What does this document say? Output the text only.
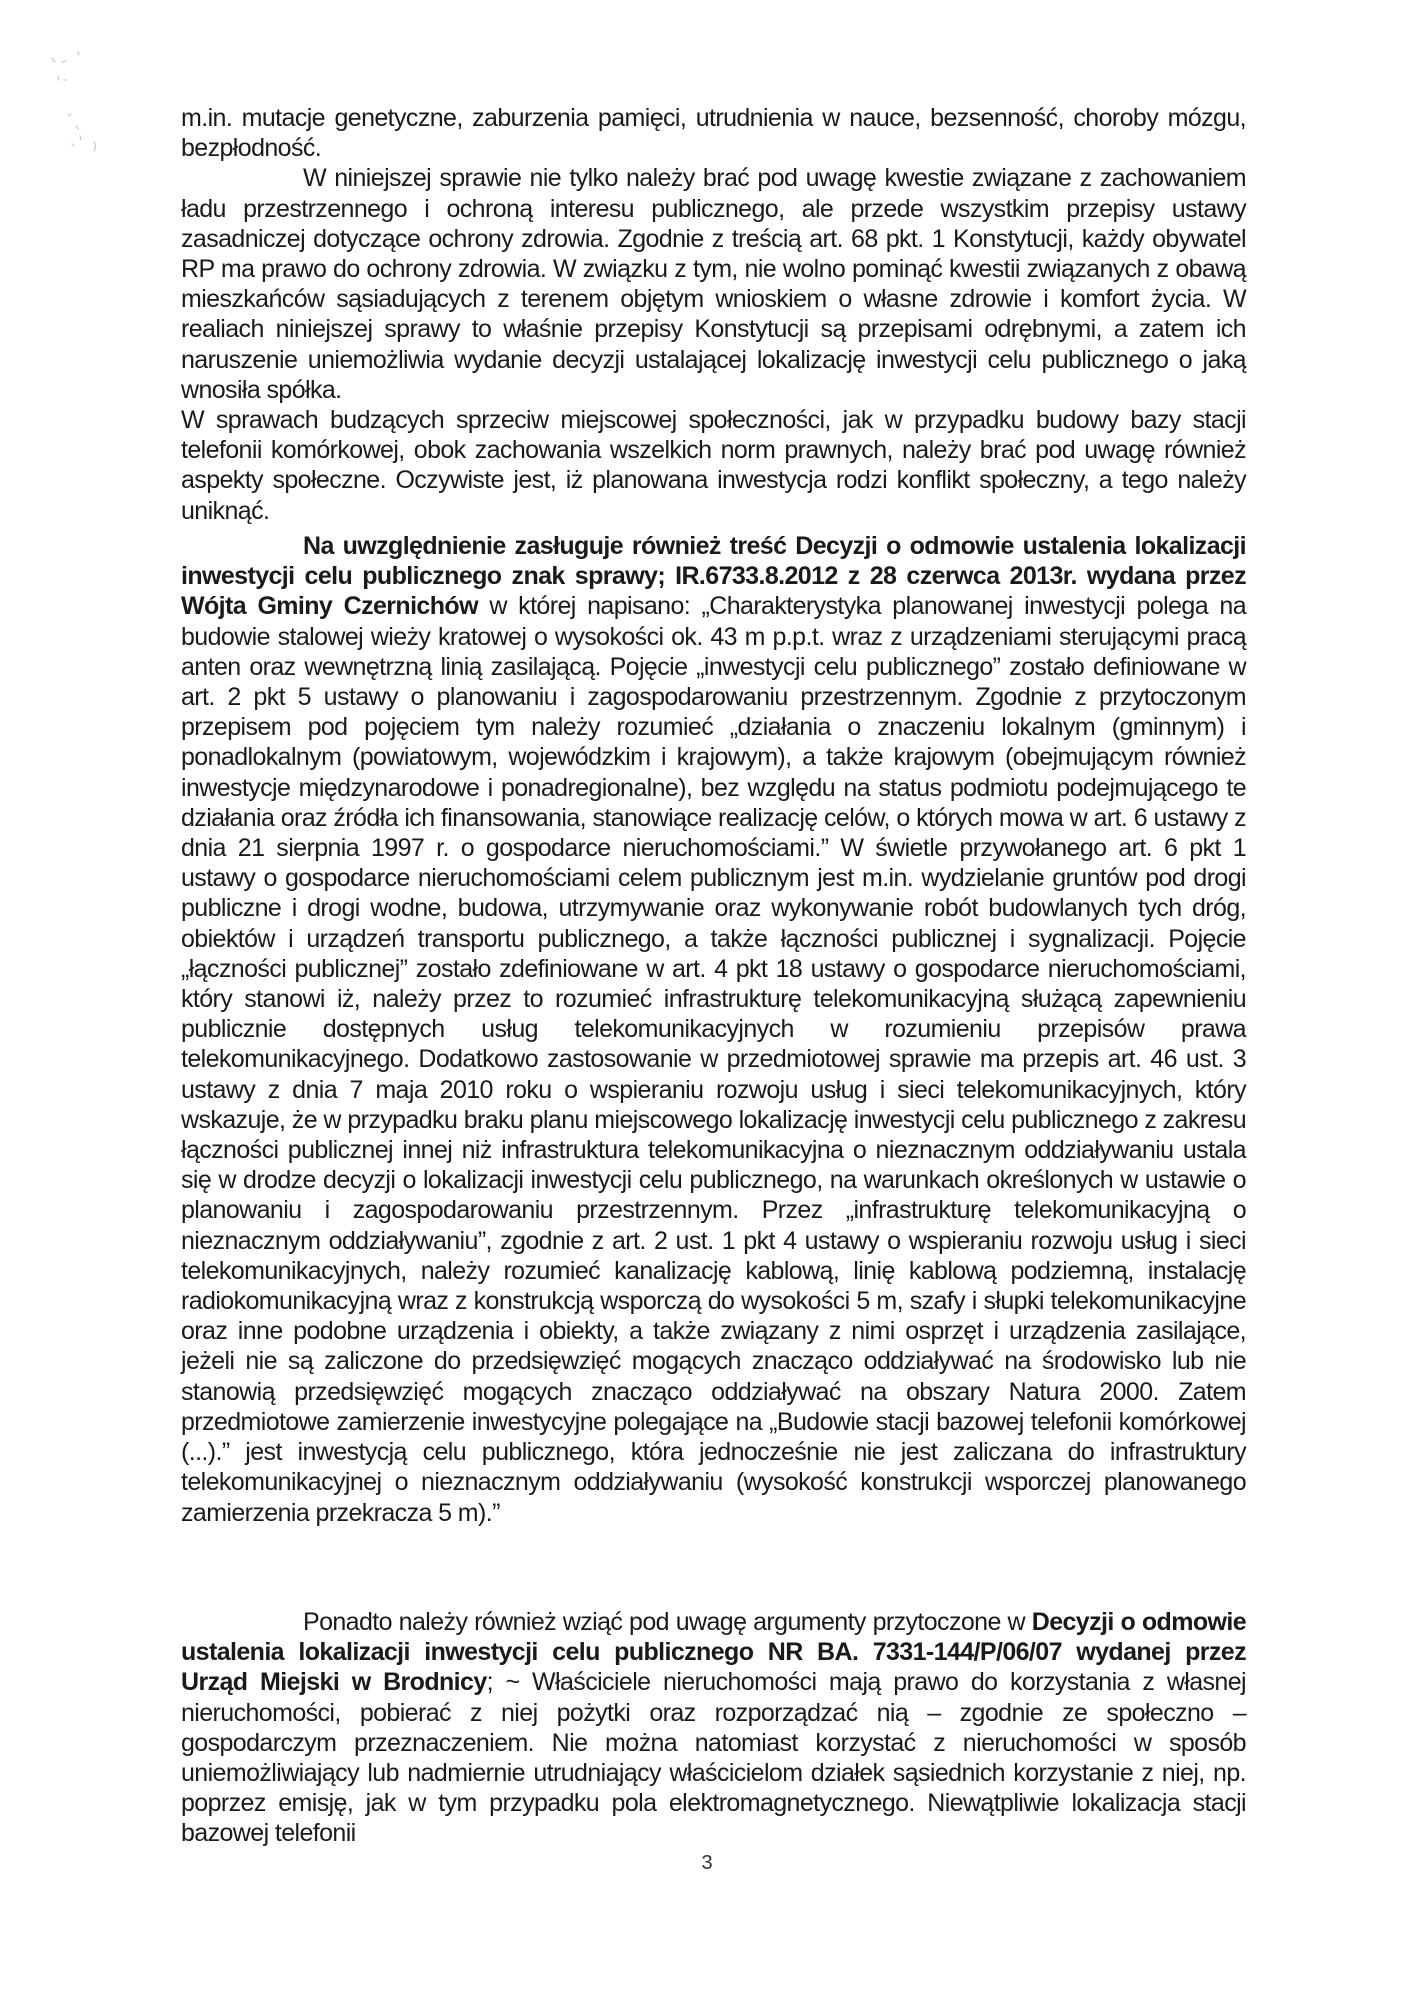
m.in. mutacje genetyczne, zaburzenia pamięci, utrudnienia w nauce, bezsenność, choroby mózgu, bezpłodność.

W niniejszej sprawie nie tylko należy brać pod uwagę kwestie związane z zachowaniem ładu przestrzennego i ochroną interesu publicznego, ale przede wszystkim przepisy ustawy zasadniczej dotyczące ochrony zdrowia. Zgodnie z treścią art. 68 pkt. 1 Konstytucji, każdy obywatel RP ma prawo do ochrony zdrowia. W związku z tym, nie wolno pominąć kwestii związanych z obawą mieszkańców sąsiadujących z terenem objętym wnioskiem o własne zdrowie i komfort życia. W realiach niniejszej sprawy to właśnie przepisy Konstytucji są przepisami odrębnymi, a zatem ich naruszenie uniemożliwia wydanie decyzji ustalającej lokalizację inwestycji celu publicznego o jaką wnosiła spółka.

W sprawach budzących sprzeciw miejscowej społeczności, jak w przypadku budowy bazy stacji telefonii komórkowej, obok zachowania wszelkich norm prawnych, należy brać pod uwagę również aspekty społeczne. Oczywiste jest, iż planowana inwestycja rodzi konflikt społeczny, a tego należy uniknąć.

Na uwzględnienie zasługuje również treść Decyzji o odmowie ustalenia lokalizacji inwestycji celu publicznego znak sprawy; IR.6733.8.2012 z 28 czerwca 2013r. wydana przez Wójta Gminy Czernichów w której napisano: „Charakterystyka planowanej inwestycji polega na budowie stalowej wieży kratowej o wysokości ok. 43 m p.p.t. wraz z urządzeniami sterującymi pracą anten oraz wewnętrzną linią zasilającą. Pojęcie „inwestycji celu publicznego” zostało definiowane w art. 2 pkt 5 ustawy o planowaniu i zagospodarowaniu przestrzennym. Zgodnie z przytoczonym przepisem pod pojęciem tym należy rozumieć „działania o znaczeniu lokalnym (gminnym) i ponadlokalnym (powiatowym, wojewódzkim i krajowym), a także krajowym (obejmującym również inwestycje międzynarodowe i ponadregionalne), bez względu na status podmiotu podejmującego te działania oraz źródła ich finansowania, stanowiące realizację celów, o których mowa w art. 6 ustawy z dnia 21 sierpnia 1997 r. o gospodarce nieruchomościami.” W świetle przywołanego art. 6 pkt 1 ustawy o gospodarce nieruchomościami celem publicznym jest m.in. wydzielanie gruntów pod drogi publiczne i drogi wodne, budowa, utrzymywanie oraz wykonywanie robót budowlanych tych dróg, obiektów i urządzeń transportu publicznego, a także łączności publicznej i sygnalizacji. Pojęcie „łączności publicznej” zostało zdefiniowane w art. 4 pkt 18 ustawy o gospodarce nieruchomościami, który stanowi iż, należy przez to rozumieć infrastrukturę telekomunikacyjną służącą zapewnieniu publicznie dostępnych usług telekomunikacyjnych w rozumieniu przepisów prawa telekomunikacyjnego. Dodatkowo zastosowanie w przedmiotowej sprawie ma przepis art. 46 ust. 3 ustawy z dnia 7 maja 2010 roku o wspieraniu rozwoju usług i sieci telekomunikacyjnych, który wskazuje, że w przypadku braku planu miejscowego lokalizację inwestycji celu publicznego z zakresu łączności publicznej innej niż infrastruktura telekomunikacyjna o nieznacznym oddziaływaniu ustala się w drodze decyzji o lokalizacji inwestycji celu publicznego, na warunkach określonych w ustawie o planowaniu i zagospodarowaniu przestrzennym. Przez „infrastrukturę telekomunikacyjną o nieznacznym oddziaływaniu”, zgodnie z art. 2 ust. 1 pkt 4 ustawy o wspieraniu rozwoju usług i sieci telekomunikacyjnych, należy rozumieć kanalizację kablową, linię kablową podziemną, instalację radiokomunikacyjną wraz z konstrukcją wsporczą do wysokości 5 m, szafy i słupki telekomunikacyjne oraz inne podobne urządzenia i obiekty, a także związany z nimi osprzęt i urządzenia zasilające, jeżeli nie są zaliczone do przedsięwzięć mogących znacząco oddziaływać na środowisko lub nie stanowią przedsięwzięć mogących znacząco oddziaływać na obszary Natura 2000. Zatem przedmiotowe zamierzenie inwestycyjne polegające na „Budowie stacji bazowej telefonii komórkowej (...).” jest inwestycją celu publicznego, która jednocześnie nie jest zaliczana do infrastruktury telekomunikacyjnej o nieznacznym oddziaływaniu (wysokość konstrukcji wsporczej planowanego zamierzenia przekracza 5 m).”

Ponadto należy również wziąć pod uwagę argumenty przytoczone w Decyzji o odmowie ustalenia lokalizacji inwestycji celu publicznego NR BA. 7331-144/P/06/07 wydanej przez Urząd Miejski w Brodnicy; ~ Właściciele nieruchomości mają prawo do korzystania z własnej nieruchomości, pobierać z niej pożytki oraz rozporządzać nią – zgodnie ze społeczno – gospodarczym przeznaczeniem. Nie można natomiast korzystać z nieruchomości w sposób uniemożliwiający lub nadmiernie utrudniający właścicielom działek sąsiednich korzystanie z niej, np. poprzez emisję, jak w tym przypadku pola elektromagnetycznego. Niewątpliwie lokalizacja stacji bazowej telefonii

3
